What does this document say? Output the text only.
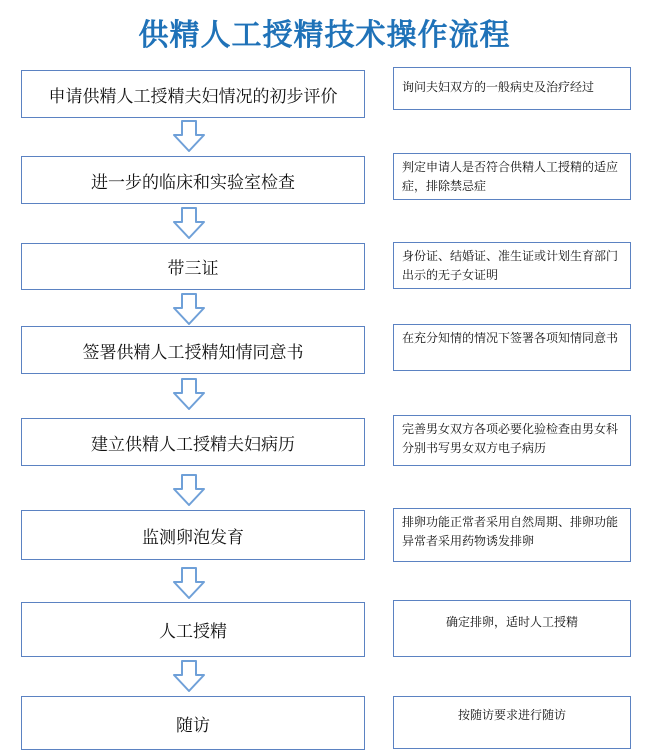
供精人工授精技术操作流程
申请供精人工授精夫妇情况的初步评价	询问夫妇双方的一般病史及治疗经过
进一步的临床和实验室检查
判定申请人是否符合供精人工授精的适应症，排除禁忌症
带三证
身份证、结婚证、准生证或计划生育部门出示的无子女证明
签署供精人工授精知情同意书
在充分知情的情况下签署各项知情同意书
建立供精人工授精夫妇病历
完善男女双方各项必要化验检查由男女科分别书写男女双方电子病历
监测卵泡发育
排卵功能正常者采用自然周期、排卵功能异常者采用药物诱发排卵
人工授精	确定排卵，适时人工授精
随访
按随访要求进行随访
